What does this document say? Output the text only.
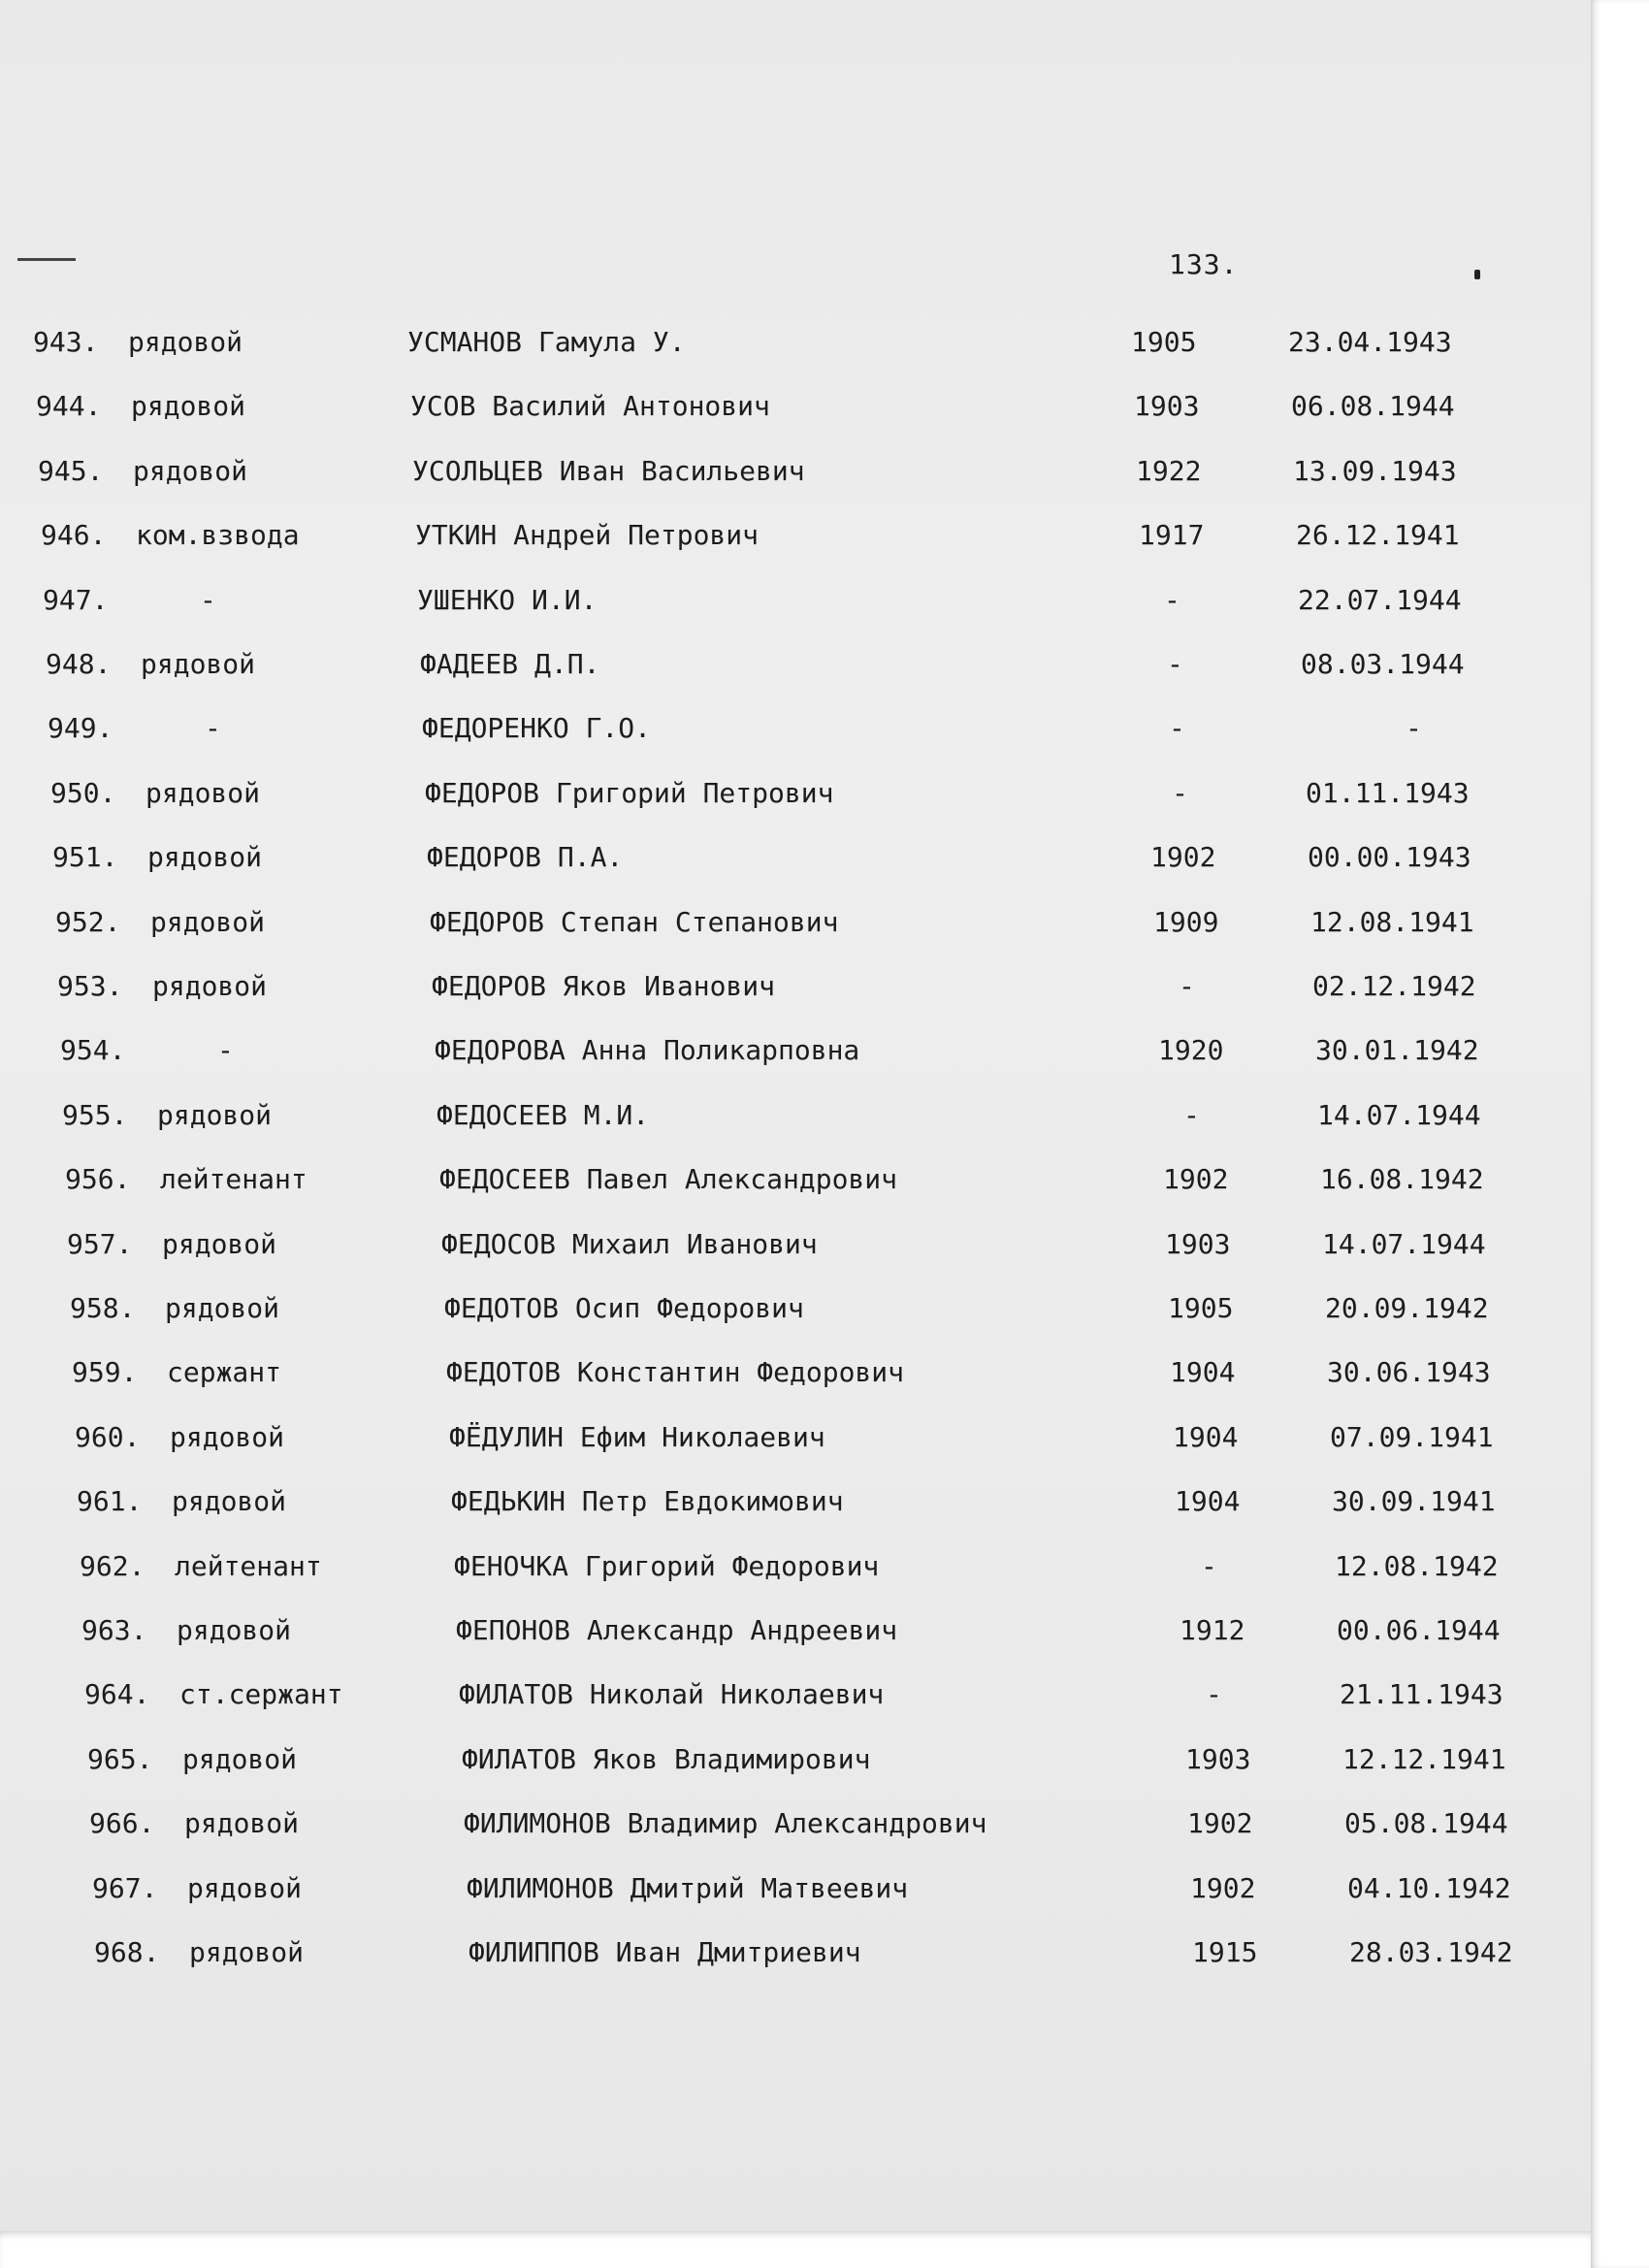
133.
943. рядовой	УСМАНОВ Гамула У.	1905	23.04.1943
944. рядовой	УСОВ Василий Антонович	1903	06.08.1944
945. рядовой	УСОЛЬЦЕВ Иван Васильевич	1922	13.09.1943
946. ком.взвода	УТКИН Андрей Петрович	1917	26.12.1941
947.	-	УШЕНКО И.И.	-	22.07.1944
948. рядовой	ФАДЕЕВ Д.П.	-	08.03.1944
949.	-	ФЕДОРЕНКО Г.О.	-	-
950. рядовой	ФЕДОРОВ Григорий Петрович	-	01.11.1943
951. рядовой	ФЕДОРОВ П.А.	1902	00.00.1943
952. рядовой	ФЕДОРОВ Степан Степанович	1909	12.08.1941
953. рядовой	ФЕДОРОВ Яков Иванович	-	02.12.1942
954.	-	ФЕДОРОВА Анна Поликарповна	1920	30.01.1942
955. рядовой	ФЕДОСЕЕВ М.И.	-	14.07.1944
956. лейтенант	ФЕДОСЕЕВ Павел Александрович	1902	16.08.1942
957. рядовой	ФЕДОСОВ Михаил Иванович	1903	14.07.1944
958. рядовой	ФЕДОТОВ Осип Федорович	1905	20.09.1942
959. сержант	ФЕДОТОВ Константин Федорович	1904	30.06.1943
960. рядовой	ФЁДУЛИН Ефим Николаевич	1904	07.09.1941
961. рядовой	ФЕДЬКИН Петр Евдокимович	1904	30.09.1941
962. лейтенант	ФЕНОЧКА Григорий Федорович	-	12.08.1942
963. рядовой	ФЕПОНОВ Александр Андреевич	1912	00.06.1944
964. ст.сержант	ФИЛАТОВ Николай Николаевич	-	21.11.1943
965. рядовой	ФИЛАТОВ Яков Владимирович	1903	12.12.1941
966. рядовой	ФИЛИМОНОВ Владимир Александрович	1902	05.08.1944
967. рядовой	ФИЛИМОНОВ Дмитрий Матвеевич	1902	04.10.1942
968. рядовой	ФИЛИППОВ Иван Дмитриевич	1915	28.03.1942
